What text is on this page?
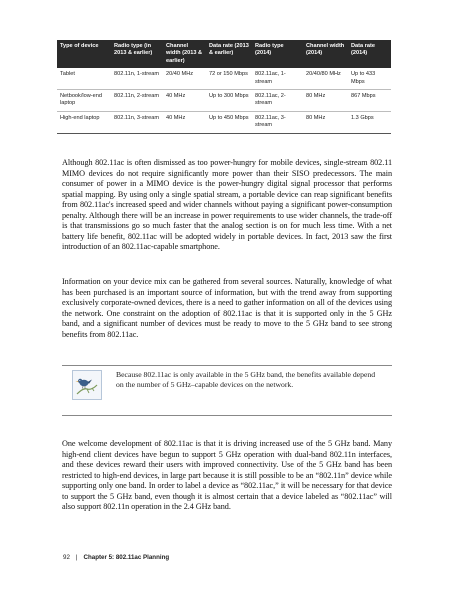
Type of device	Radio type (in 2013 & earlier)	Channel width (2013 & earlier)	Data rate (2013 & earlier)	Radio type (2014)	Channel width (2014)	Data rate (2014)
Tablet	802.11n, 1-stream	20/40 MHz	72 or 150 Mbps	802.11ac, 1-stream	20/40/80 MHz	Up to 433 Mbps
Netbook/low-end laptop	802.11n, 2-stream	40 MHz	Up to 300 Mbps	802.11ac, 2-stream	80 MHz	867 Mbps
High-end laptop	802.11n, 3-stream	40 MHz	Up to 450 Mbps	802.11ac, 3-stream	80 MHz	1.3 Gbps

Although 802.11ac is often dismissed as too power-hungry for mobile devices, single-stream 802.11 MIMO devices do not require significantly more power than their SISO predecessors. The main consumer of power in a MIMO device is the power-hungry digital signal processor that performs spatial mapping. By using only a single spatial stream, a portable device can reap significant benefits from 802.11ac's increased speed and wider channels without paying a significant power-consumption penalty. Although there will be an increase in power requirements to use wider channels, the trade-off is that transmissions go so much faster that the analog section is on for much less time. With a net battery life benefit, 802.11ac will be adopted widely in portable devices. In fact, 2013 saw the first introduction of an 802.11ac-capable smartphone.

Information on your device mix can be gathered from several sources. Naturally, knowledge of what has been purchased is an important source of information, but with the trend away from supporting exclusively corporate-owned devices, there is a need to gather information on all of the devices using the network. One constraint on the adoption of 802.11ac is that it is supported only in the 5 GHz band, and a significant number of devices must be ready to move to the 5 GHz band to see strong benefits from 802.11ac.

Because 802.11ac is only available in the 5 GHz band, the benefits available depend on the number of 5 GHz–capable devices on the network.

One welcome development of 802.11ac is that it is driving increased use of the 5 GHz band. Many high-end client devices have begun to support 5 GHz operation with dual-band 802.11n interfaces, and these devices reward their users with improved connectivity. Use of the 5 GHz band has been restricted to high-end devices, in large part because it is still possible to be an “802.11n” device while supporting only one band. In order to label a device as “802.11ac,” it will be necessary for that device to support the 5 GHz band, even though it is almost certain that a device labeled as “802.11ac” will also support 802.11n operation in the 2.4 GHz band.

92 | Chapter 5: 802.11ac Planning
